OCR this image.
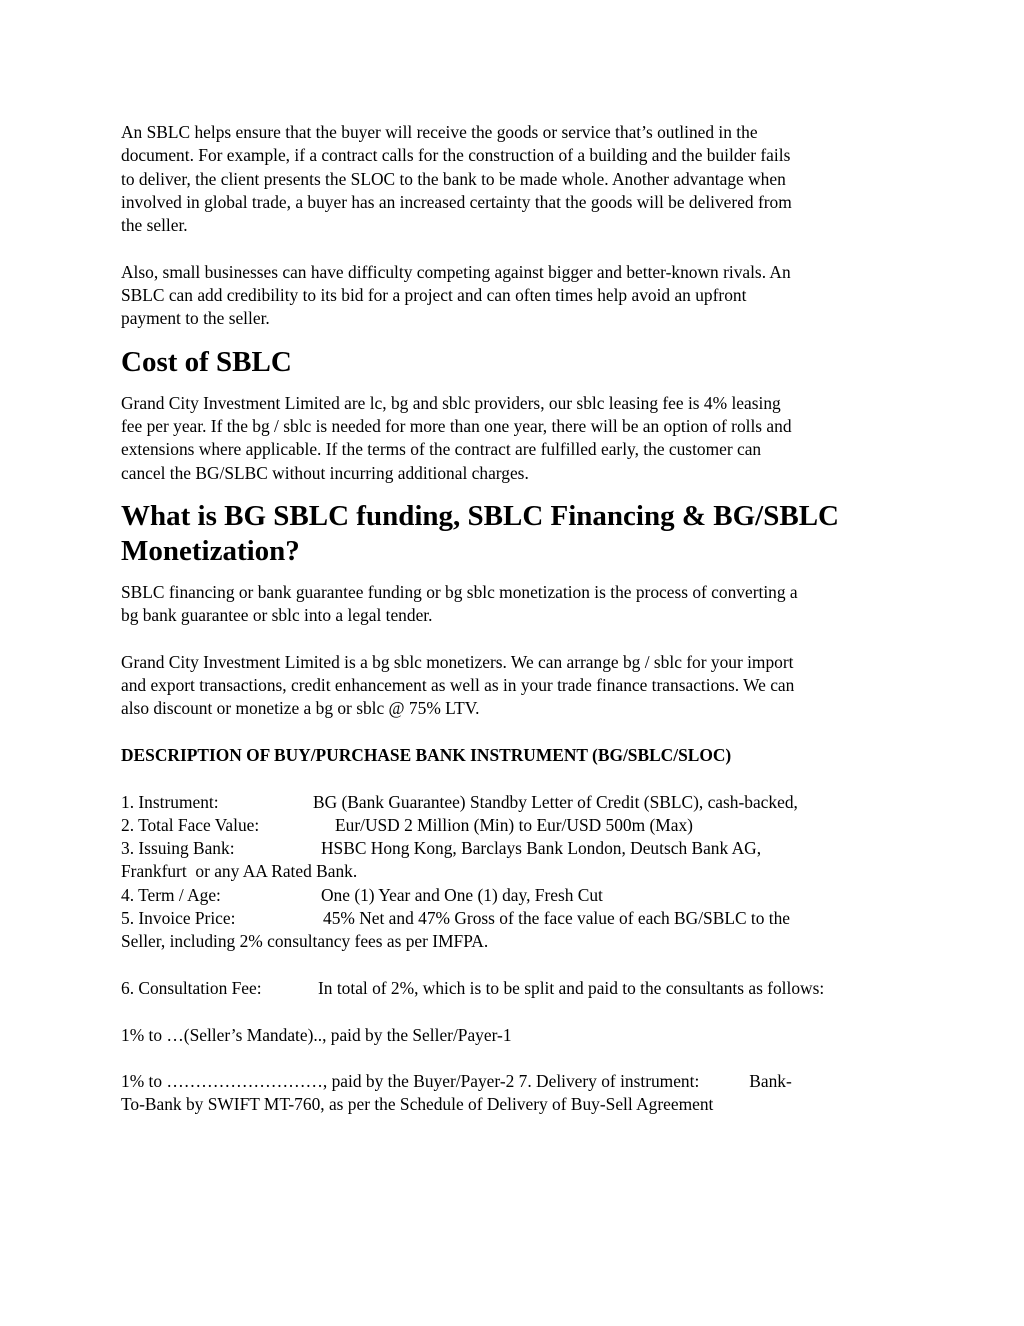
An SBLC helps ensure that the buyer will receive the goods or service that’s outlined in the
document. For example, if a contract calls for the construction of a building and the builder fails
to deliver, the client presents the SLOC to the bank to be made whole. Another advantage when
involved in global trade, a buyer has an increased certainty that the goods will be delivered from
the seller.
Also, small businesses can have difficulty competing against bigger and better-known rivals. An
SBLC can add credibility to its bid for a project and can often times help avoid an upfront
payment to the seller.
Cost of SBLC
Grand City Investment Limited are lc, bg and sblc providers, our sblc leasing fee is 4% leasing
fee per year. If the bg / sblc is needed for more than one year, there will be an option of rolls and
extensions where applicable. If the terms of the contract are fulfilled early, the customer can
cancel the BG/SLBC without incurring additional charges.
What is BG SBLC funding, SBLC Financing & BG/SBLC
Monetization?
SBLC financing or bank guarantee funding or bg sblc monetization is the process of converting a
bg bank guarantee or sblc into a legal tender.
Grand City Investment Limited is a bg sblc monetizers. We can arrange bg / sblc for your import
and export transactions, credit enhancement as well as in your trade finance transactions. We can
also discount or monetize a bg or sblc @ 75% LTV.
DESCRIPTION OF BUY/PURCHASE BANK INSTRUMENT (BG/SBLC/SLOC)
1. Instrument:	BG (Bank Guarantee) Standby Letter of Credit (SBLC), cash-backed,
2. Total Face Value:	Eur/USD 2 Million (Min) to Eur/USD 500m (Max)
3. Issuing Bank:	HSBC Hong Kong, Barclays Bank London, Deutsch Bank AG,
Frankfurt  or any AA Rated Bank.
4. Term / Age:	One (1) Year and One (1) day, Fresh Cut
5. Invoice Price:	45% Net and 47% Gross of the face value of each BG/SBLC to the
Seller, including 2% consultancy fees as per IMFPA.
6. Consultation Fee:	In total of 2%, which is to be split and paid to the consultants as follows:
1% to …(Seller’s Mandate).., paid by the Seller/Payer-1
1% to ………………………, paid by the Buyer/Payer-2 7. Delivery of instrument:	Bank-
To-Bank by SWIFT MT-760, as per the Schedule of Delivery of Buy-Sell Agreement
